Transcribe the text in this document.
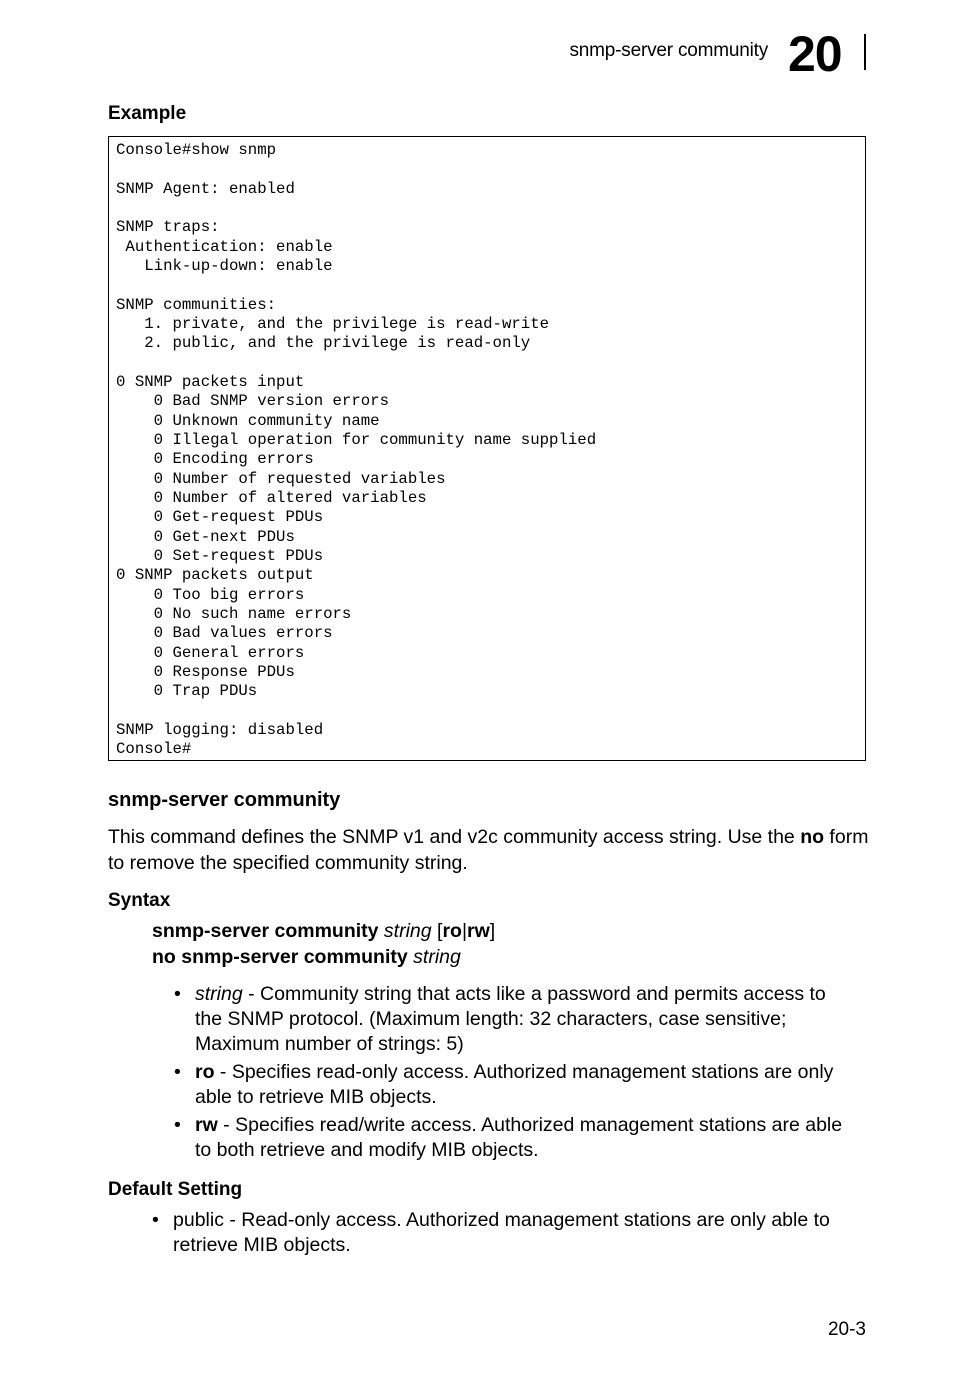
snmp-server community 20
Example
Console#show snmp

SNMP Agent: enabled

SNMP traps:
Authentication: enable
Link-up-down: enable

SNMP communities:
1. private, and the privilege is read-write
2. public, and the privilege is read-only

0 SNMP packets input
0 Bad SNMP version errors
0 Unknown community name
0 Illegal operation for community name supplied
0 Encoding errors
0 Number of requested variables
0 Number of altered variables
0 Get-request PDUs
0 Get-next PDUs
0 Set-request PDUs
0 SNMP packets output
0 Too big errors
0 No such name errors
0 Bad values errors
0 General errors
0 Response PDUs
0 Trap PDUs

SNMP logging: disabled
Console#
snmp-server community
This command defines the SNMP v1 and v2c community access string. Use the no form to remove the specified community string.
Syntax
snmp-server community string [ro|rw]
no snmp-server community string
• string - Community string that acts like a password and permits access to
the SNMP protocol. (Maximum length: 32 characters, case sensitive;
Maximum number of strings: 5)
• ro - Specifies read-only access. Authorized management stations are only
able to retrieve MIB objects.
• rw - Specifies read/write access. Authorized management stations are able
to both retrieve and modify MIB objects.
Default Setting
• public - Read-only access. Authorized management stations are only able to
retrieve MIB objects.
20-3
